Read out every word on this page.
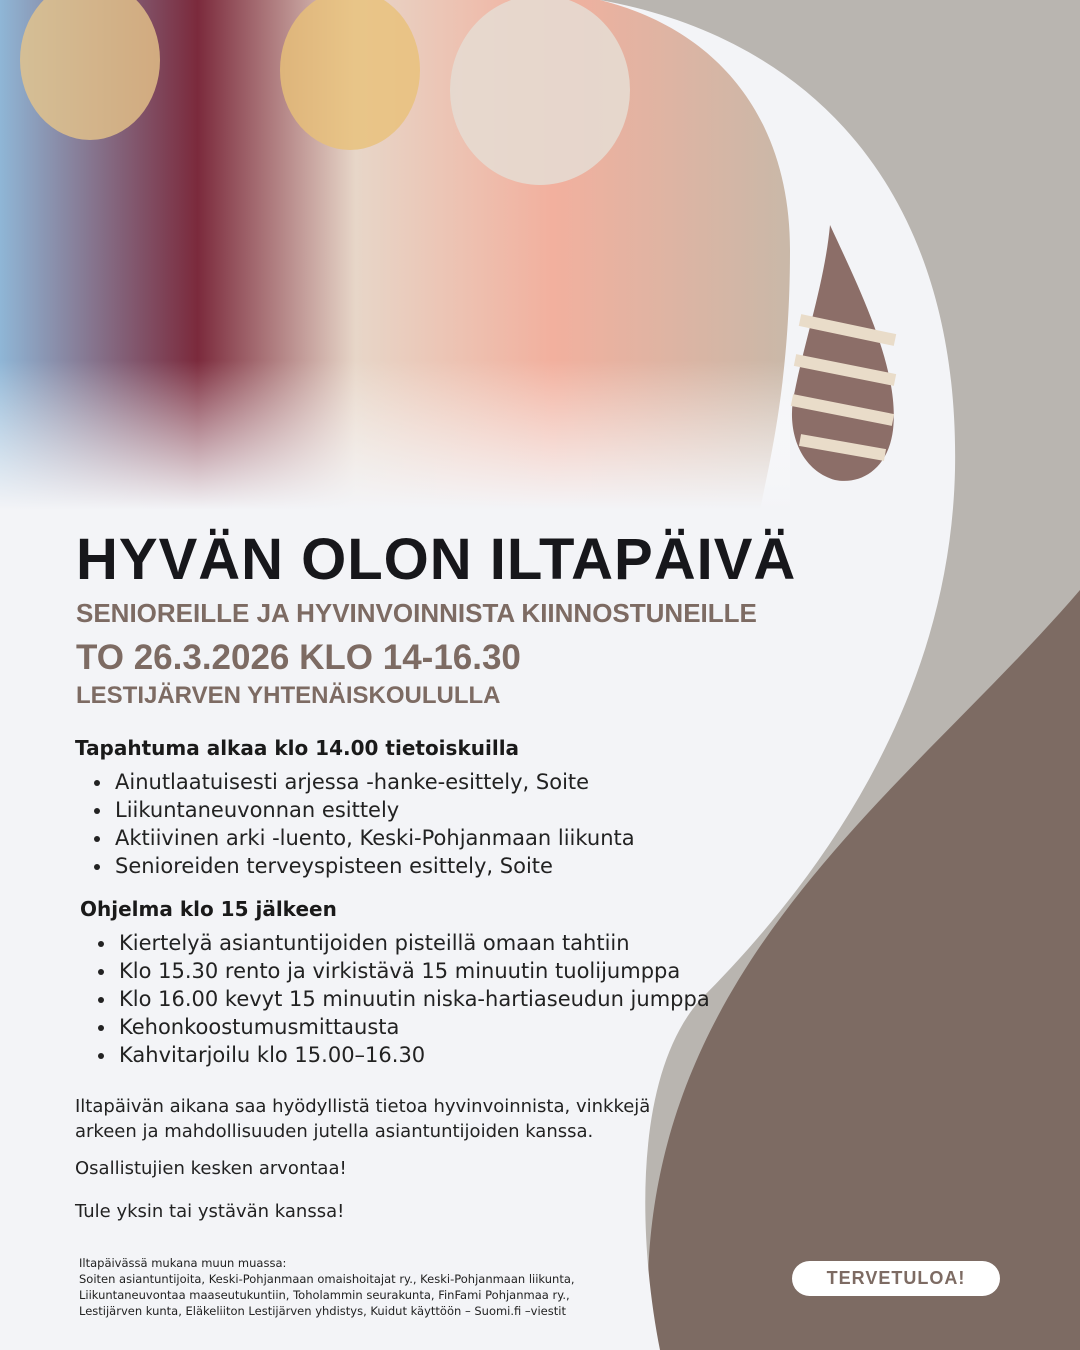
HYVÄN OLON ILTAPÄIVÄ
SENIOREILLE JA HYVINVOINNISTA KIINNOSTUNEILLE
TO 26.3.2026 KLO 14-16.30
LESTIJÄRVEN YHTENÄISKOULULLA
Tapahtuma alkaa klo 14.00 tietoiskuilla
• Ainutlaatuisesti arjessa -hanke-esittely, Soite
• Liikuntaneuvonnan esittely
• Aktiivinen arki -luento, Keski-Pohjanmaan liikunta
• Senioreiden terveyspisteen esittely, Soite
Ohjelma klo 15 jälkeen
• Kiertelyä asiantuntijoiden pisteillä omaan tahtiin
• Klo 15.30 rento ja virkistävä 15 minuutin tuolijumppa
• Klo 16.00 kevyt 15 minuutin niska-hartiaseudun jumppa
• Kehonkoostumusmittausta
• Kahvitarjoilu klo 15.00–16.30

Iltapäivän aikana saa hyödyllistä tietoa hyvinvoinnista, vinkkejä arkeen ja mahdollisuuden jutella asiantuntijoiden kanssa.

Osallistujien kesken arvontaa!

Tule yksin tai ystävän kanssa!

Iltapäivässä mukana muun muassa:
Soiten asiantuntijoita, Keski-Pohjanmaan omaishoitajat ry., Keski-Pohjanmaan liikunta,
Liikuntaneuvontaa maaseutukuntiin, Toholammin seurakunta, FinFami Pohjanmaa ry.,
Lestijärven kunta, Eläkeliiton Lestijärven yhdistys, Kuidut käyttöön – Suomi.fi –viestit
TERVETULOA!
